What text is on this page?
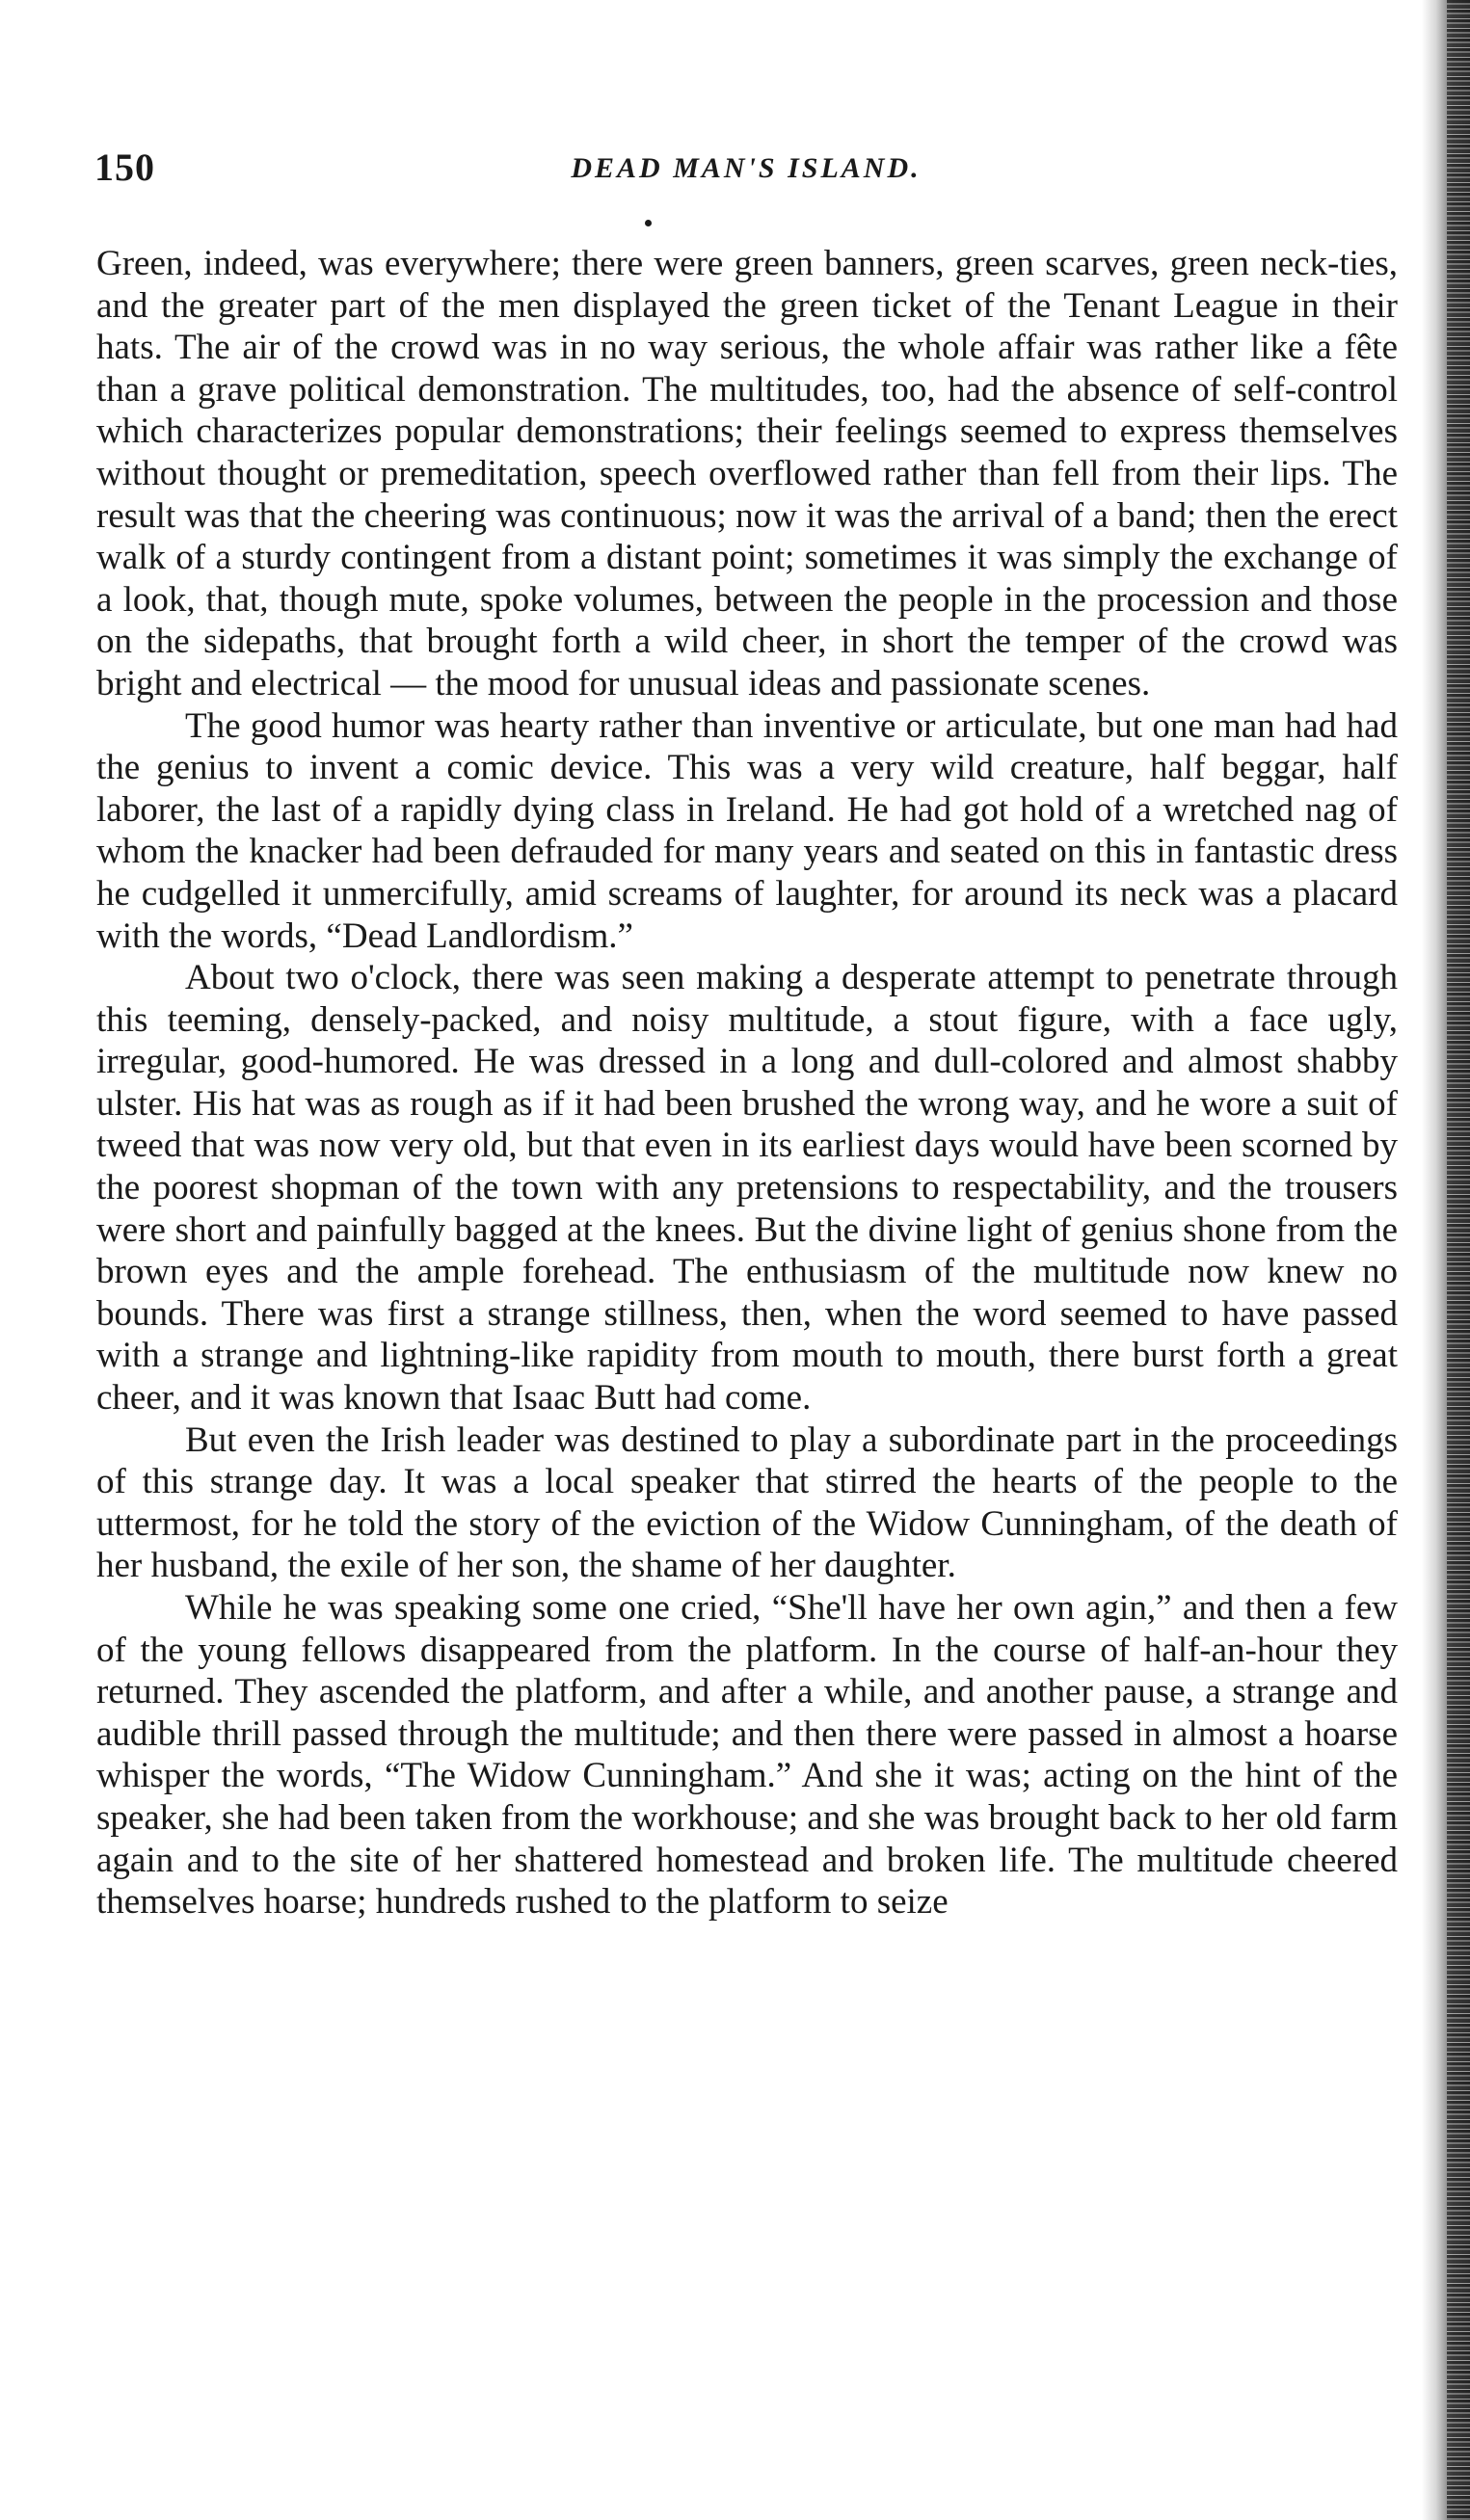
150	DEAD MAN'S ISLAND.

Green, indeed, was everywhere; there were green banners, green scarves, green neck-ties, and the greater part of the men displayed the green ticket of the Tenant League in their hats. The air of the crowd was in no way serious, the whole affair was rather like a fête than a grave political demonstration. The multitudes, too, had the absence of self-control which characterizes popular demonstrations; their feelings seemed to express themselves without thought or premeditation, speech overflowed rather than fell from their lips. The result was that the cheering was continuous; now it was the arrival of a band; then the erect walk of a sturdy contingent from a distant point; sometimes it was simply the exchange of a look, that, though mute, spoke volumes, between the people in the procession and those on the sidepaths, that brought forth a wild cheer, in short the temper of the crowd was bright and electrical — the mood for unusual ideas and passionate scenes.

The good humor was hearty rather than inventive or articulate, but one man had had the genius to invent a comic device. This was a very wild creature, half beggar, half laborer, the last of a rapidly dying class in Ireland. He had got hold of a wretched nag of whom the knacker had been defrauded for many years and seated on this in fantastic dress he cudgelled it unmercifully, amid screams of laughter, for around its neck was a placard with the words, “Dead Landlordism.”

About two o'clock, there was seen making a desperate attempt to penetrate through this teeming, densely-packed, and noisy multitude, a stout figure, with a face ugly, irregular, good-humored. He was dressed in a long and dull-colored and almost shabby ulster. His hat was as rough as if it had been brushed the wrong way, and he wore a suit of tweed that was now very old, but that even in its earliest days would have been scorned by the poorest shopman of the town with any pretensions to respectability, and the trousers were short and painfully bagged at the knees. But the divine light of genius shone from the brown eyes and the ample forehead. The enthusiasm of the multitude now knew no bounds. There was first a strange stillness, then, when the word seemed to have passed with a strange and lightning-like rapidity from mouth to mouth, there burst forth a great cheer, and it was known that Isaac Butt had come.

But even the Irish leader was destined to play a subordinate part in the proceedings of this strange day. It was a local speaker that stirred the hearts of the people to the uttermost, for he told the story of the eviction of the Widow Cunningham, of the death of her husband, the exile of her son, the shame of her daughter.

While he was speaking some one cried, “She'll have her own agin,” and then a few of the young fellows disappeared from the platform. In the course of half-an-hour they returned. They ascended the platform, and after a while, and another pause, a strange and audible thrill passed through the multitude; and then there were passed in almost a hoarse whisper the words, “The Widow Cunningham.” And she it was; acting on the hint of the speaker, she had been taken from the workhouse; and she was brought back to her old farm again and to the site of her shattered homestead and broken life. The multitude cheered themselves hoarse; hundreds rushed to the platform to seize
